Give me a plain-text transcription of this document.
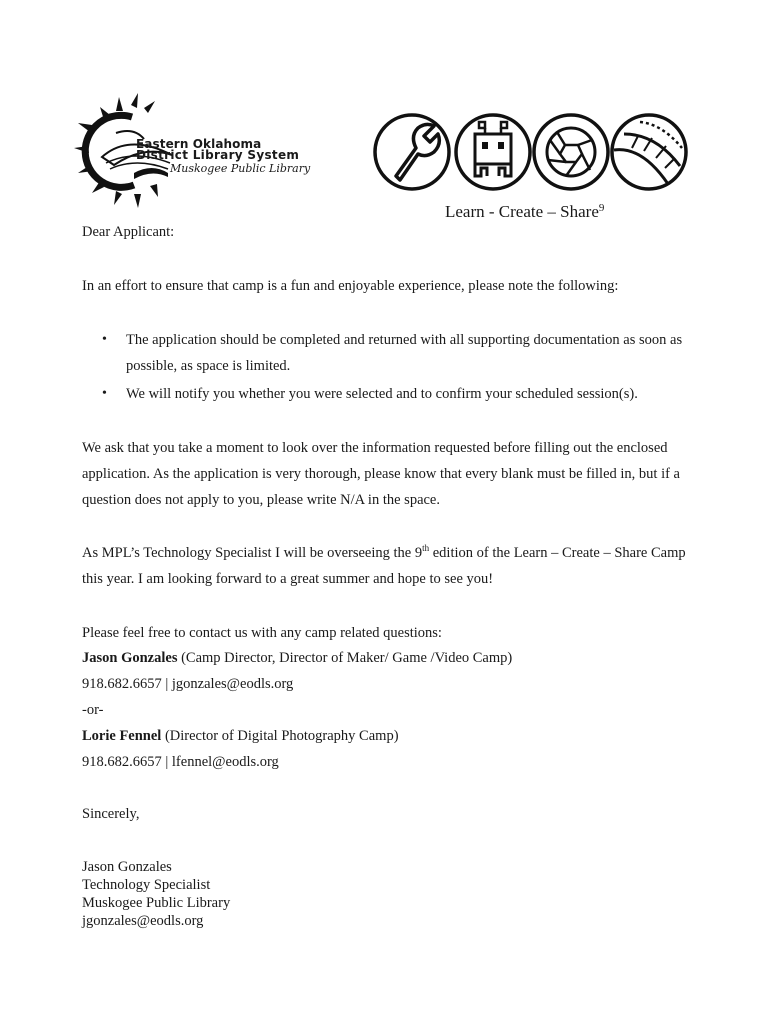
Eastern Oklahoma
District Library System
Muskogee Public Library
Learn - Create – Share$^9$
Dear Applicant:
In an effort to ensure that camp is a fun and enjoyable experience, please note the following:
• The application should be completed and returned with all supporting documentation as soon as
possible, as space is limited.
• We will notify you whether you were selected and to confirm your scheduled session(s).
We ask that you take a moment to look over the information requested before filling out the enclosed
application. As the application is very thorough, please know that every blank must be filled in, but if a
question does not apply to you, please write N/A in the space.
As MPL’s Technology Specialist I will be overseeing the 9th edition of the Learn – Create – Share Camp
this year. I am looking forward to a great summer and hope to see you!
Please feel free to contact us with any camp related questions:
Jason Gonzales (Camp Director, Director of Maker/ Game /Video Camp)
918.682.6657 | jgonzales@eodls.org
-or-
Lorie Fennel (Director of Digital Photography Camp)
918.682.6657 | lfennel@eodls.org
Sincerely,
Jason Gonzales
Technology Specialist
Muskogee Public Library
jgonzales@eodls.org
